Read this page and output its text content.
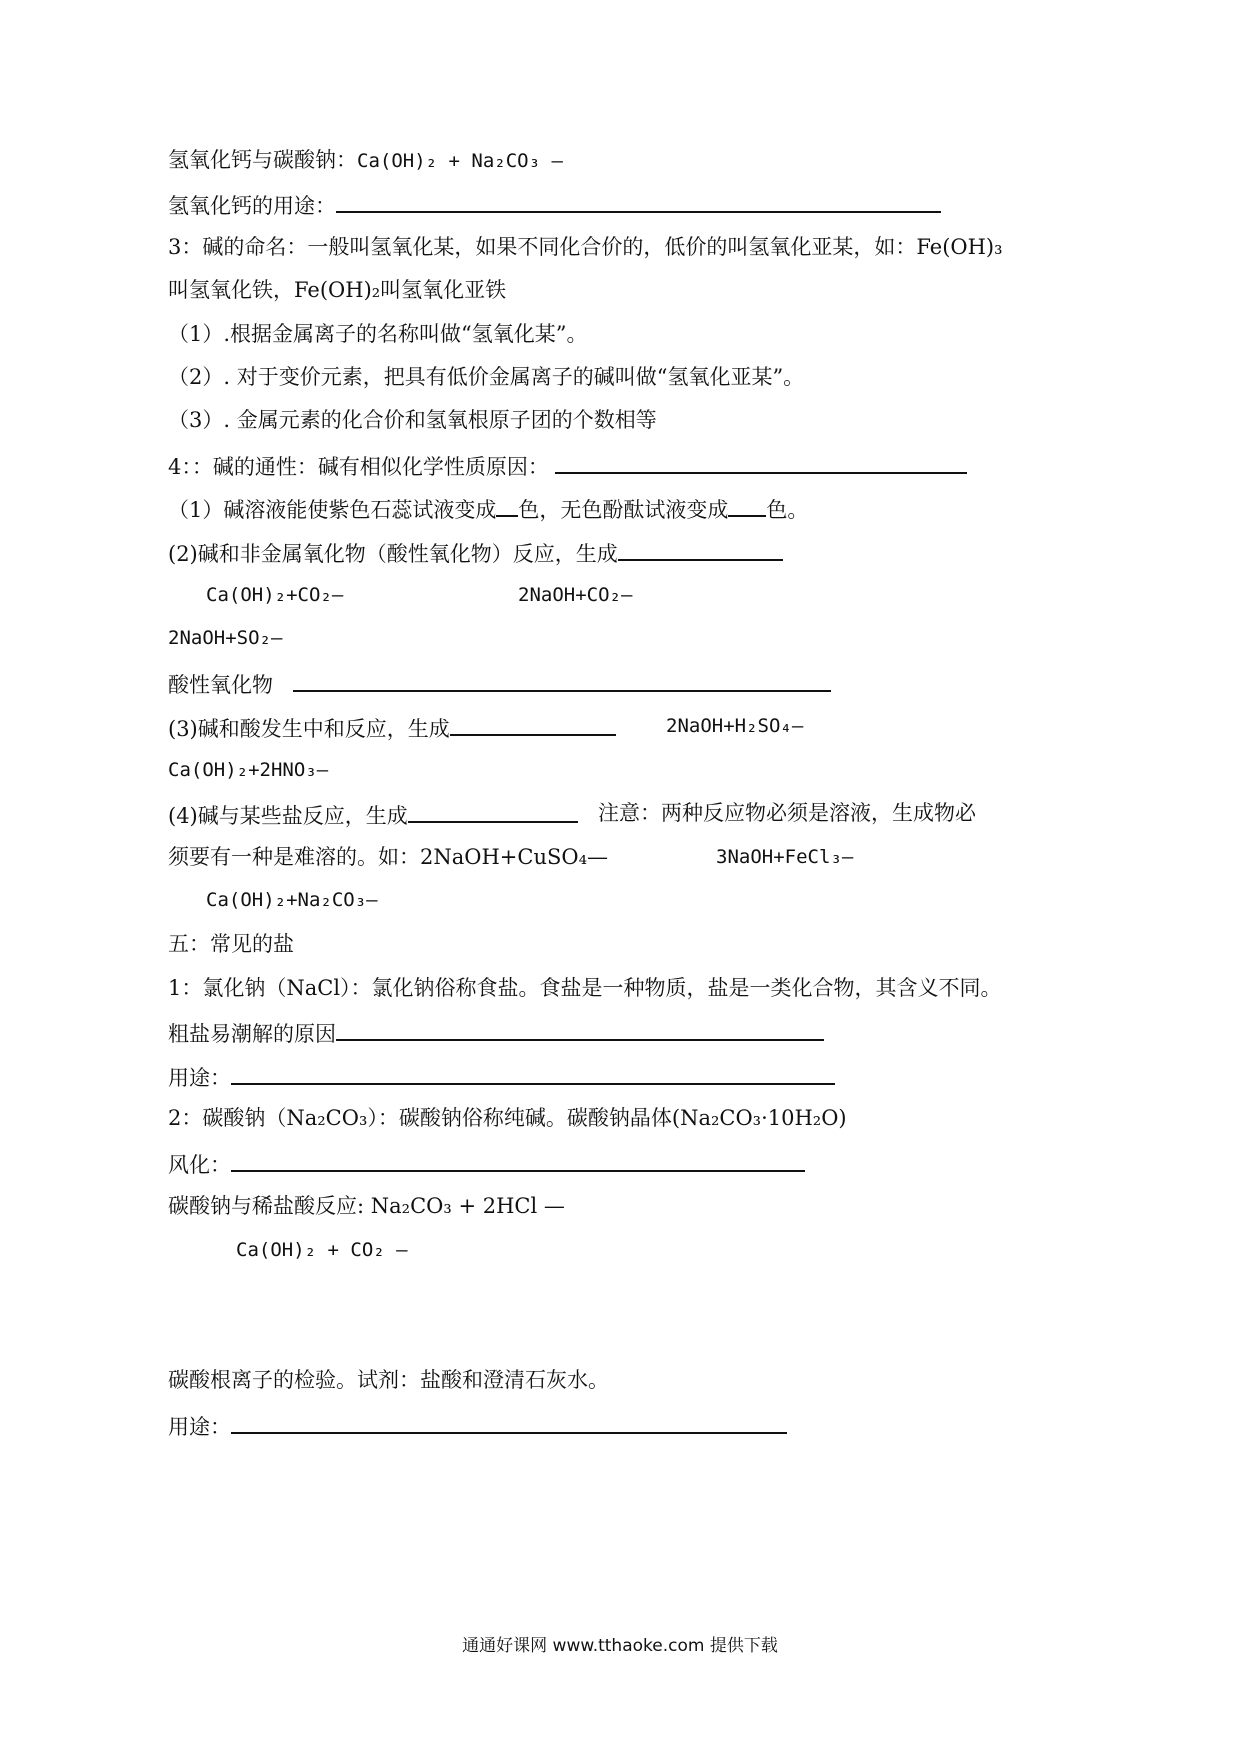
氢氧化钙与碳酸钠：Ca(OH)₂ + Na₂CO₃ —
氢氧化钙的用途：
3：碱的命名：一般叫氢氧化某，如果不同化合价的，低价的叫氢氧化亚某，如：Fe(OH)₃
叫氢氧化铁，Fe(OH)₂叫氢氧化亚铁
（1）.根据金属离子的名称叫做“氢氧化某”。
（2）. 对于变价元素，把具有低价金属离子的碱叫做“氢氧化亚某”。
（3）. 金属元素的化合价和氢氧根原子团的个数相等
4：：碱的通性：碱有相似化学性质原因：
（1）碱溶液能使紫色石蕊试液变成 色，无色酚酞试液变成 色。
(2)碱和非金属氧化物（酸性氧化物）反应，生成
Ca(OH)₂+CO₂—	2NaOH+CO₂—
2NaOH+SO₂—
酸性氧化物
(3)碱和酸发生中和反应，生成	2NaOH+H₂SO₄—
Ca(OH)₂+2HNO₃—
(4)碱与某些盐反应，生成	注意：两种反应物必须是溶液，生成物必
须要有一种是难溶的。如：2NaOH+CuSO₄—	3NaOH+FeCl₃—
Ca(OH)₂+Na₂CO₃—
五：常见的盐
1：氯化钠（NaCl）：氯化钠俗称食盐。食盐是一种物质，盐是一类化合物，其含义不同。
粗盐易潮解的原因
用途：
2：碳酸钠（Na₂CO₃）：碳酸钠俗称纯碱。碳酸钠晶体(Na₂CO₃·10H₂O)
风化：
碳酸钠与稀盐酸反应: Na₂CO₃ + 2HCl —
Ca(OH)₂ + CO₂ —
碳酸根离子的检验。试剂：盐酸和澄清石灰水。
用途：
通通好课网 www.tthaoke.com 提供下载
